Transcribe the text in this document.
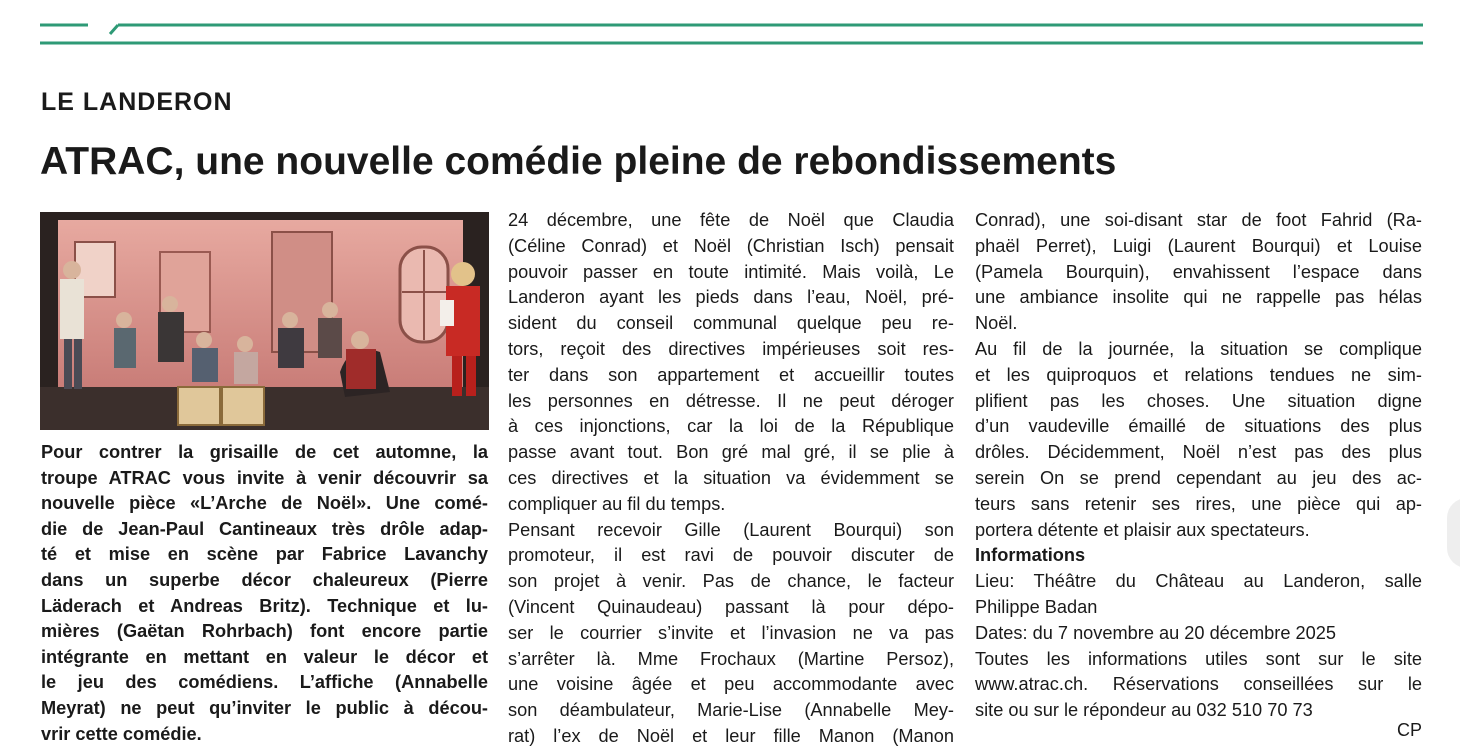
LE LANDERON
ATRAC, une nouvelle comédie pleine de rebondissements
Pour contrer la grisaille de cet automne, la
troupe ATRAC vous invite à venir découvrir sa
nouvelle pièce «L’Arche de Noël». Une comé-
die de Jean-Paul Cantineaux très drôle adap-
té et mise en scène par Fabrice Lavanchy
dans un superbe décor chaleureux (Pierre
Läderach et Andreas Britz). Technique et lu-
mières (Gaëtan Rohrbach) font encore partie
intégrante en mettant en valeur le décor et
le jeu des comédiens. L’affiche (Annabelle
Meyrat) ne peut qu’inviter le public à décou-
vrir cette comédie.
24 décembre, une fête de Noël que Claudia
(Céline Conrad) et Noël (Christian Isch) pensait
pouvoir passer en toute intimité. Mais voilà, Le
Landeron ayant les pieds dans l’eau, Noël, pré-
sident du conseil communal quelque peu re-
tors, reçoit des directives impérieuses soit res-
ter dans son appartement et accueillir toutes
les personnes en détresse. Il ne peut déroger
à ces injonctions, car la loi de la République
passe avant tout. Bon gré mal gré, il se plie à
ces directives et la situation va évidemment se
compliquer au fil du temps.
Pensant recevoir Gille (Laurent Bourqui) son
promoteur, il est ravi de pouvoir discuter de
son projet à venir. Pas de chance, le facteur
(Vincent Quinaudeau) passant là pour dépo-
ser le courrier s’invite et l’invasion ne va pas
s’arrêter là. Mme Frochaux (Martine Persoz),
une voisine âgée et peu accommodante avec
son déambulateur, Marie-Lise (Annabelle Mey-
rat) l’ex de Noël et leur fille Manon (Manon
Conrad), une soi-disant star de foot Fahrid (Ra-
phaël Perret), Luigi (Laurent Bourqui) et Louise
(Pamela Bourquin), envahissent l’espace dans
une ambiance insolite qui ne rappelle pas hélas
Noël.
Au fil de la journée, la situation se complique
et les quiproquos et relations tendues ne sim-
plifient pas les choses. Une situation digne
d’un vaudeville émaillé de situations des plus
drôles. Décidemment, Noël n’est pas des plus
serein On se prend cependant au jeu des ac-
teurs sans retenir ses rires, une pièce qui ap-
portera détente et plaisir aux spectateurs.
Informations
Lieu: Théâtre du Château au Landeron, salle
Philippe Badan
Dates: du 7 novembre au 20 décembre 2025
Toutes les informations utiles sont sur le site
www.atrac.ch. Réservations conseillées sur le
site ou sur le répondeur au 032 510 70 73
CP
